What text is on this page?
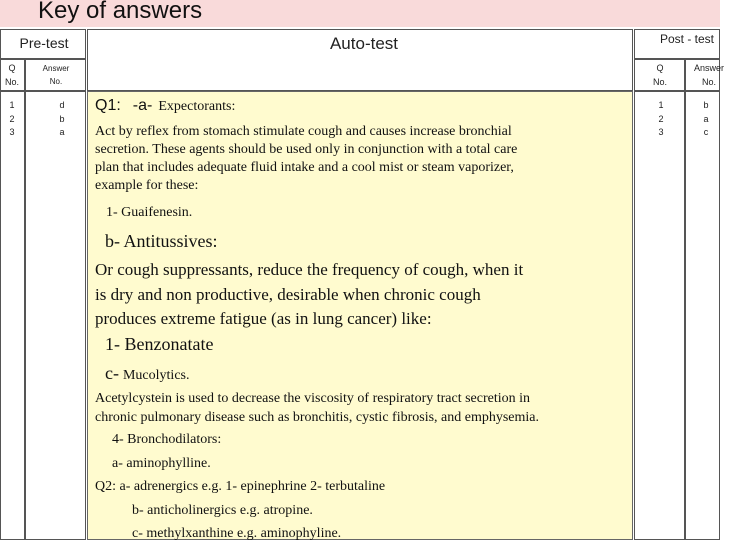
Key of answers
Pre-test
Q No.
Answer No.
1
2
3
d
b
a
Auto-test	Post - test
Q No.
Answer No.
1
2
3
b
a
c
Q1: -a- Expectorants:
Act by reflex from stomach stimulate cough and causes increase bronchial
secretion. These agents should be used only in conjunction with a total care
plan that includes adequate fluid intake and a cool mist or steam vaporizer,
example for these:
1- Guaifenesin.
b- Antitussives:
Or cough suppressants, reduce the frequency of cough, when it
is dry and non productive, desirable when chronic cough
produces extreme fatigue (as in lung cancer) like:
1- Benzonatate
c- Mucolytics.
Acetylcystein is used to decrease the viscosity of respiratory tract secretion in
chronic pulmonary disease such as bronchitis, cystic fibrosis, and emphysemia.
4- Bronchodilators:
a- aminophylline.
Q2: a- adrenergics e.g. 1- epinephrine 2- terbutaline
b- anticholinergics e.g. atropine.
c- methylxanthine e.g. aminophyline.
